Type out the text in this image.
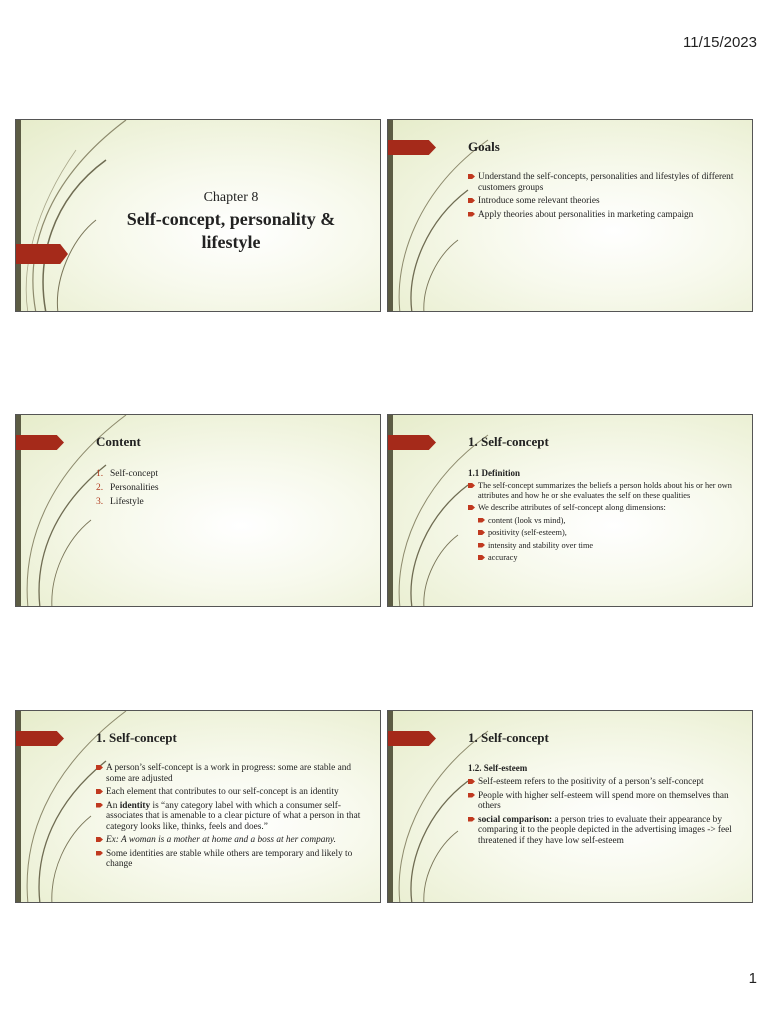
11/15/2023
Chapter 8
Self-concept, personality &
lifestyle
Goals
Understand the self-concepts, personalities and lifestyles of different customers groups
Introduce some relevant theories
Apply theories about personalities in marketing campaign
Content
1. Self-concept
2. Personalities
3. Lifestyle
1. Self-concept
1.1 Definition
The self-concept summarizes the beliefs a person holds about his or her own attributes and how he or she evaluates the self on these qualities
We describe attributes of self-concept along dimensions:
content (look vs mind),
positivity (self-esteem),
intensity and stability over time
accuracy
1. Self-concept
A person’s self-concept is a work in progress: some are stable and some are adjusted
Each element that contributes to our self-concept is an identity
An identity is “any category label with which a consumer self-associates that is amenable to a clear picture of what a person in that category looks like, thinks, feels and does.”
Ex: A woman is a mother at home and a boss at her company.
Some identities are stable while others are temporary and likely to change
1. Self-concept
1.2. Self-esteem
Self-esteem refers to the positivity of a person’s self-concept
People with higher self-esteem will spend more on themselves than others
social comparison: a person tries to evaluate their appearance by comparing it to the people depicted in the advertising images -> feel threatened if they have low self-esteem
1
